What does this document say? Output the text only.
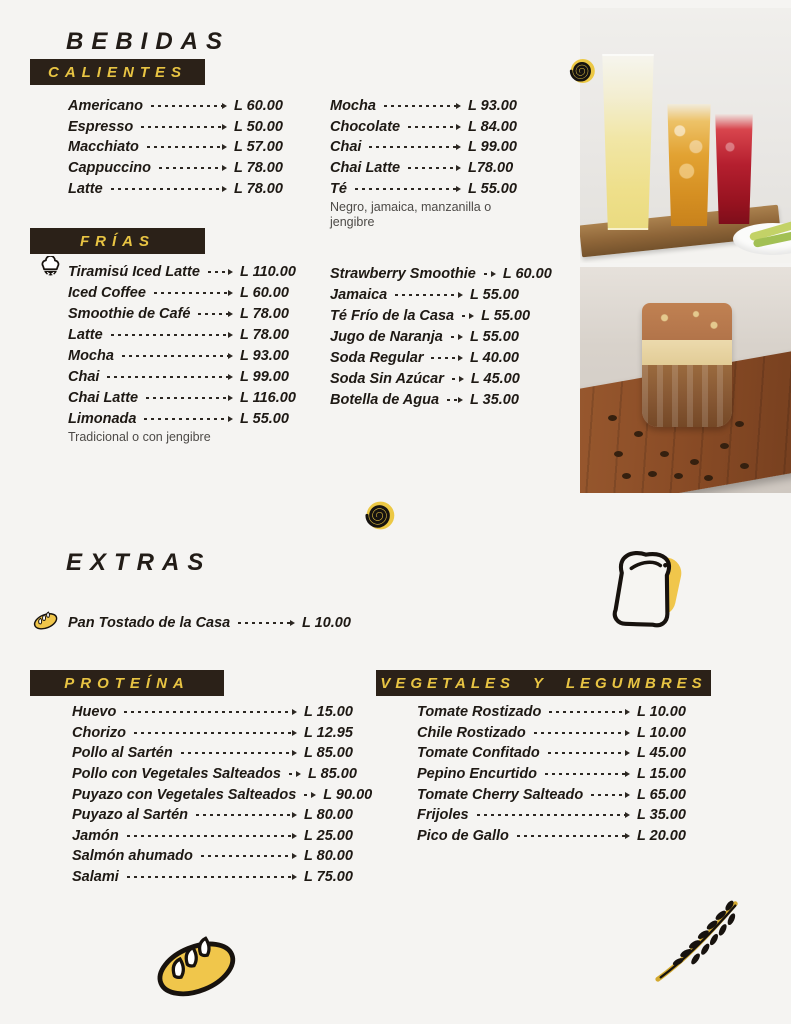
BEBIDAS
CALIENTES
Americano	L 60.00
Espresso	L 50.00
Macchiato	L 57.00
Cappuccino	L 78.00
Latte	L 78.00
Mocha	L 93.00
Chocolate	L 84.00
Chai	L 99.00
Chai Latte	L78.00
Té	L 55.00
Negro, jamaica, manzanilla o jengibre
FRÍAS
Tiramisú Iced Latte	L 110.00
Iced Coffee	L 60.00
Smoothie de Café	L 78.00
Latte	L 78.00
Mocha	L 93.00
Chai	L 99.00
Chai Latte	L 116.00
Limonada	L 55.00
Tradicional o con jengibre
Strawberry Smoothie L 60.00
Jamaica	L 55.00
Té Frío de la Casa L 55.00
Jugo de Naranja L 55.00
Soda Regular	L 40.00
Soda Sin Azúcar L 45.00
Botella de Agua L 35.00
EXTRAS
Pan Tostado de la Casa	L 10.00
PROTEÍNA
Huevo	L 15.00
Chorizo	L 12.95
Pollo al Sartén	L 85.00
Pollo con Vegetales Salteados L 85.00
Puyazo con Vegetales Salteados L 90.00
Puyazo al Sartén	L 80.00
Jamón	L 25.00
Salmón ahumado	L 80.00
Salami	L 75.00
VEGETALES Y LEGUMBRES
Tomate Rostizado	L 10.00
Chile Rostizado	L 10.00
Tomate Confitado	L 45.00
Pepino Encurtido	L 15.00
Tomate Cherry Salteado	L 65.00
Frijoles	L 35.00
Pico de Gallo	L 20.00
